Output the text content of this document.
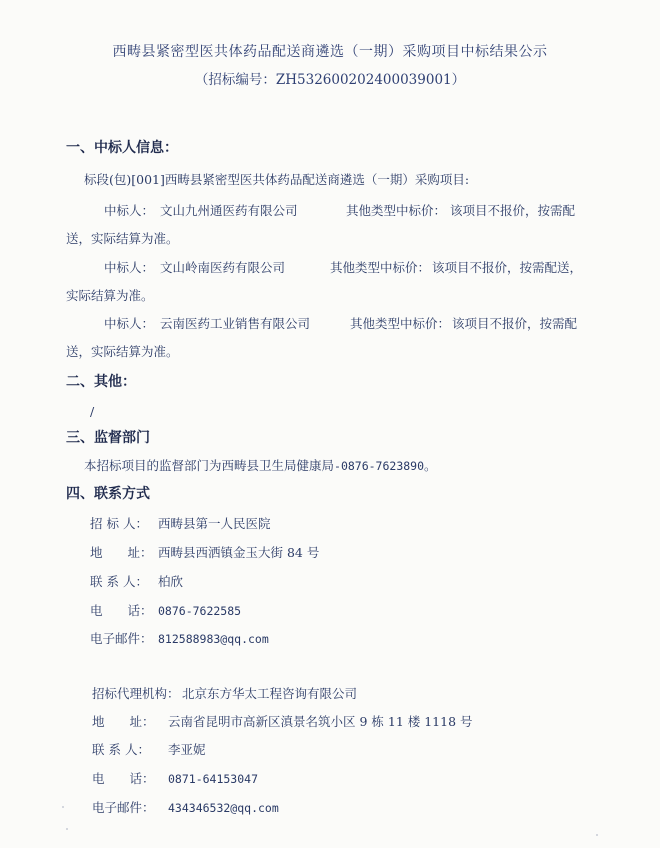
西畴县紧密型医共体药品配送商遴选（一期）采购项目中标结果公示
（招标编号：ZH532600202400039001）
一、中标人信息：
标段(包)[001]西畴县紧密型医共体药品配送商遴选（一期）采购项目:
中标人： 文山九州通医药有限公司	其他类型中标价： 该项目不报价，按需配
送，实际结算为准。
中标人： 文山岭南医药有限公司	其他类型中标价： 该项目不报价，按需配送，
实际结算为准。
中标人： 云南医药工业销售有限公司	其他类型中标价： 该项目不报价，按需配
送，实际结算为准。
二、其他：
/
三、监督部门
本招标项目的监督部门为西畴县卫生局健康局-0876-7623890。
四、联系方式
招 标 人： 西畴县第一人民医院
地　　址： 西畴县西洒镇金玉大街 84 号
联 系 人： 柏欣
电　　话： 0876-7622585
电子邮件： 812588983@qq.com
招标代理机构： 北京东方华太工程咨询有限公司
地　　址： 云南省昆明市高新区滇景名筑小区 9 栋 11 楼 1118 号
联 系 人： 李亚妮
电　　话： 0871-64153047
电子邮件： 434346532@qq.com
